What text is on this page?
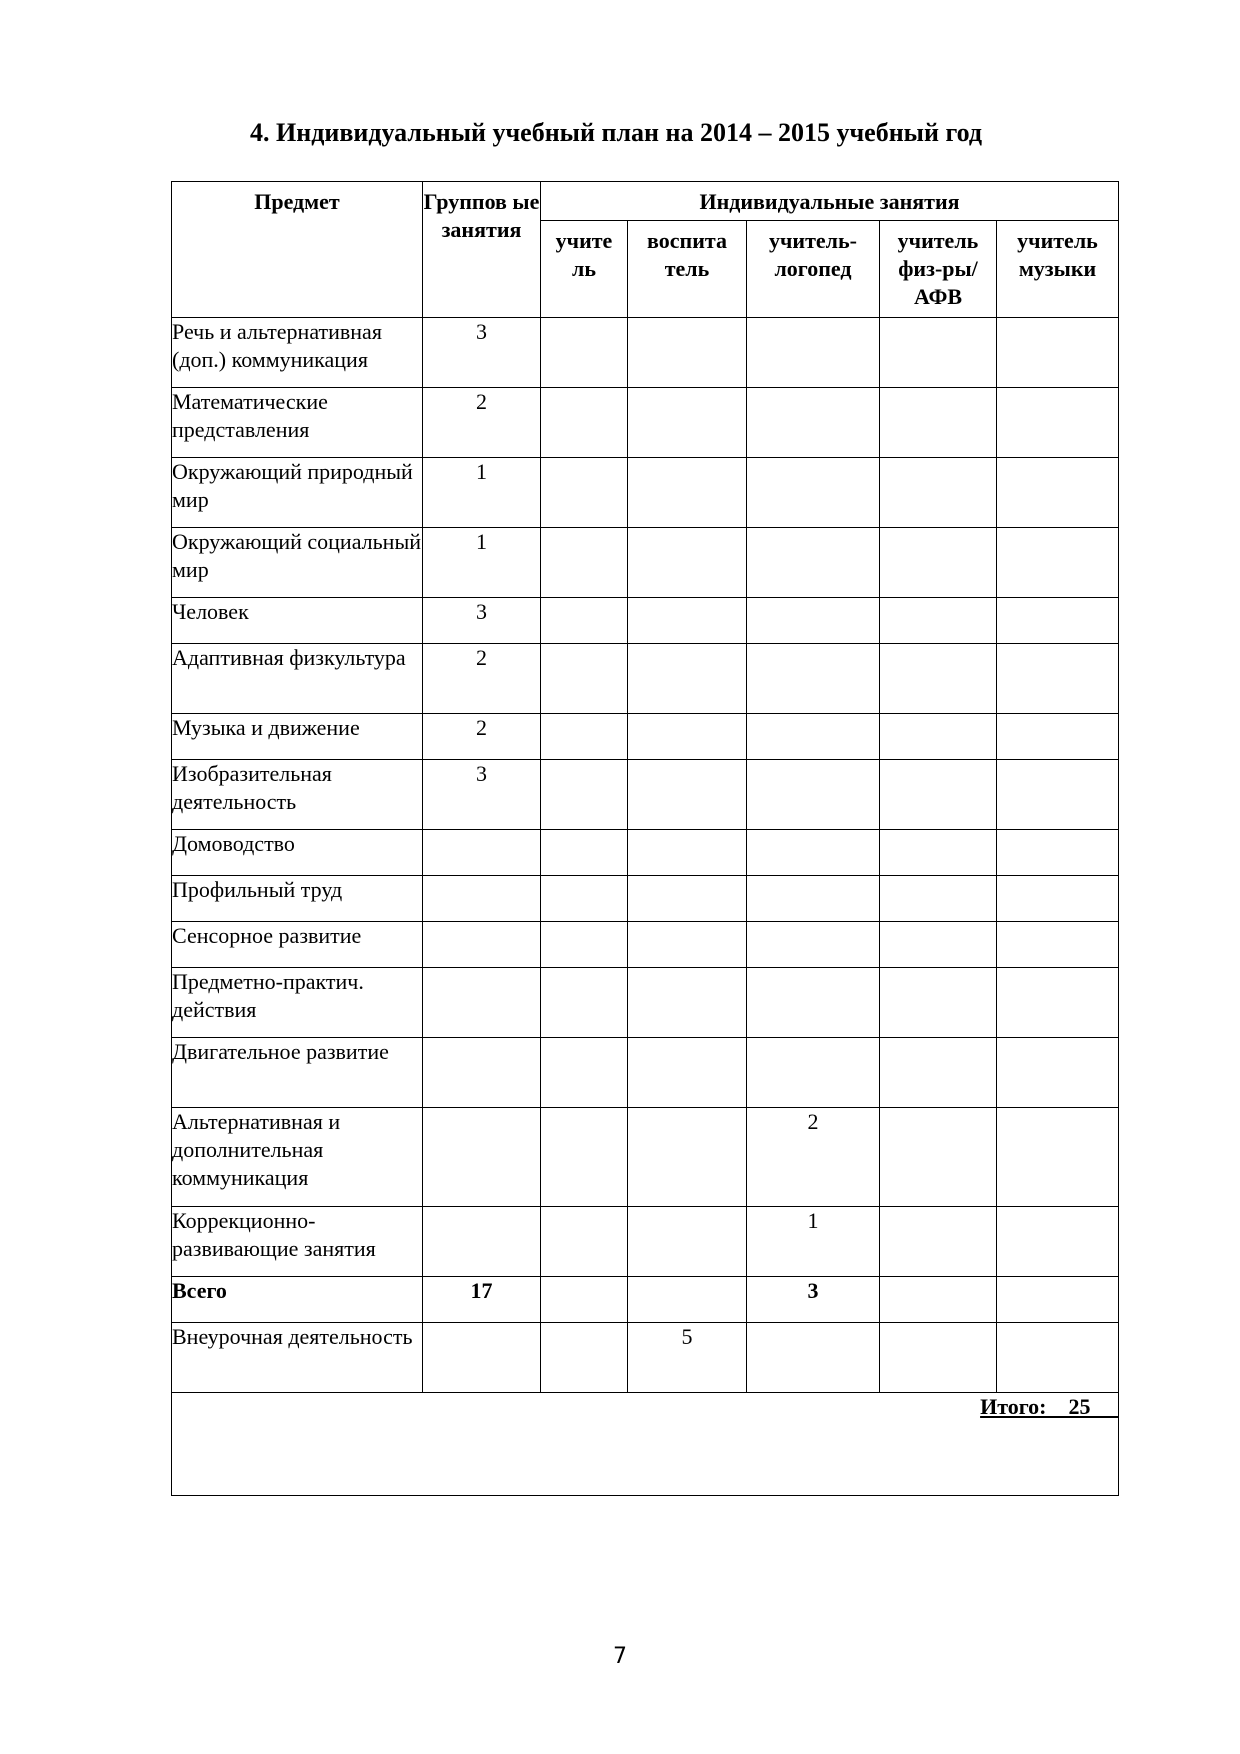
4. Индивидуальный учебный план на 2014 – 2015 учебный год
Предмет	Группов ые занятия	Индивидуальные занятия				
		учите ль	воспита тель	учитель-логопед	учитель физ-ры/АФВ	учитель музыки
Речь и альтернативная (доп.) коммуникация	3					
Математические представления	2					
Окружающий природный мир	1					
Окружающий социальный мир	1					
Человек	3					
Адаптивная физкультура	2					
Музыка и движение	2					
Изобразительная деятельность	3					
Домоводство						
Профильный труд						
Сенсорное развитие						
Предметно-практич. действия						
Двигательное развитие						
Альтернативная и дополнительная коммуникация				2		
Коррекционно-развивающие занятия				1		
Всего	17			3		
Внеурочная деятельность			5			
Итого: 25						
7
